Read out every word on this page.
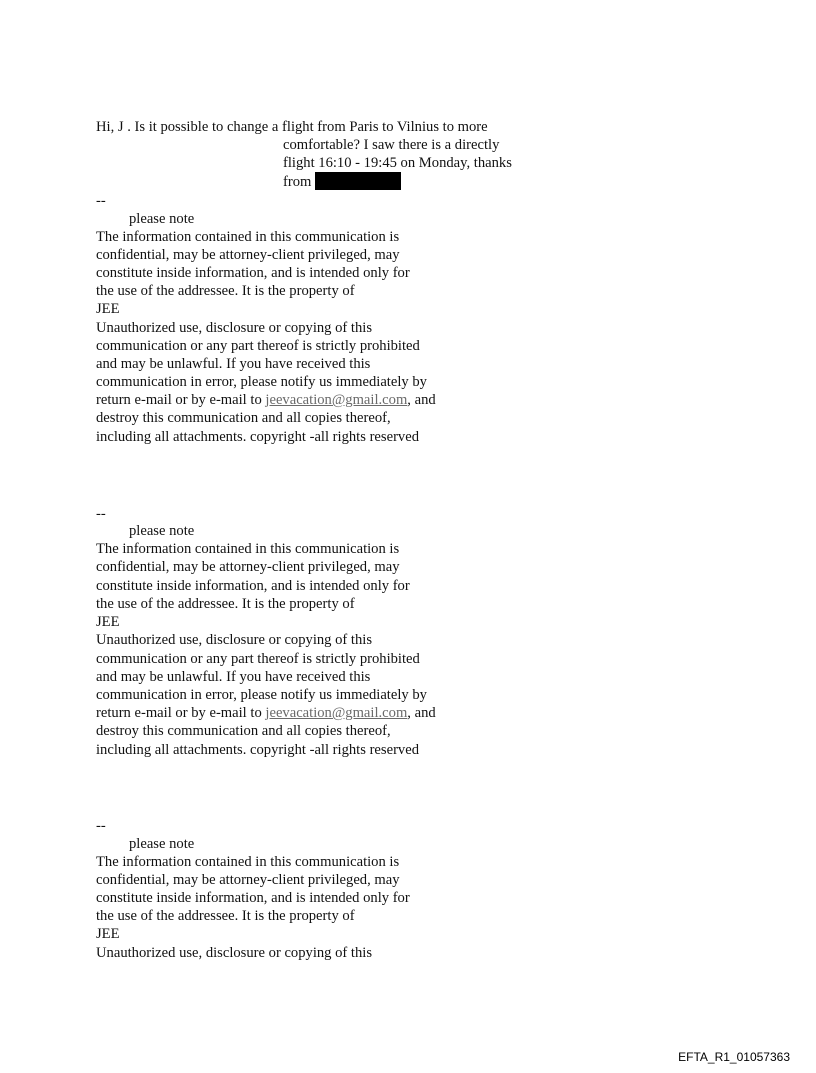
Hi, J . Is it possible to change a flight from Paris to Vilnius to more
comfortable? I saw there is a directly
flight 16:10 - 19:45 on Monday, thanks
from
--
please note
The information contained in this communication is
confidential, may be attorney-client privileged, may
constitute inside information, and is intended only for
the use of the addressee. It is the property of
JEE
Unauthorized use, disclosure or copying of this
communication or any part thereof is strictly prohibited
and may be unlawful. If you have received this
communication in error, please notify us immediately by
return e-mail or by e-mail to jeevacation@gmail.com, and
destroy this communication and all copies thereof,
including all attachments. copyright -all rights reserved
--
please note
The information contained in this communication is
confidential, may be attorney-client privileged, may
constitute inside information, and is intended only for
the use of the addressee. It is the property of
JEE
Unauthorized use, disclosure or copying of this
communication or any part thereof is strictly prohibited
and may be unlawful. If you have received this
communication in error, please notify us immediately by
return e-mail or by e-mail to jeevacation@gmail.com, and
destroy this communication and all copies thereof,
including all attachments. copyright -all rights reserved
--
please note
The information contained in this communication is
confidential, may be attorney-client privileged, may
constitute inside information, and is intended only for
the use of the addressee. It is the property of
JEE
Unauthorized use, disclosure or copying of this
EFTA_R1_01057363
